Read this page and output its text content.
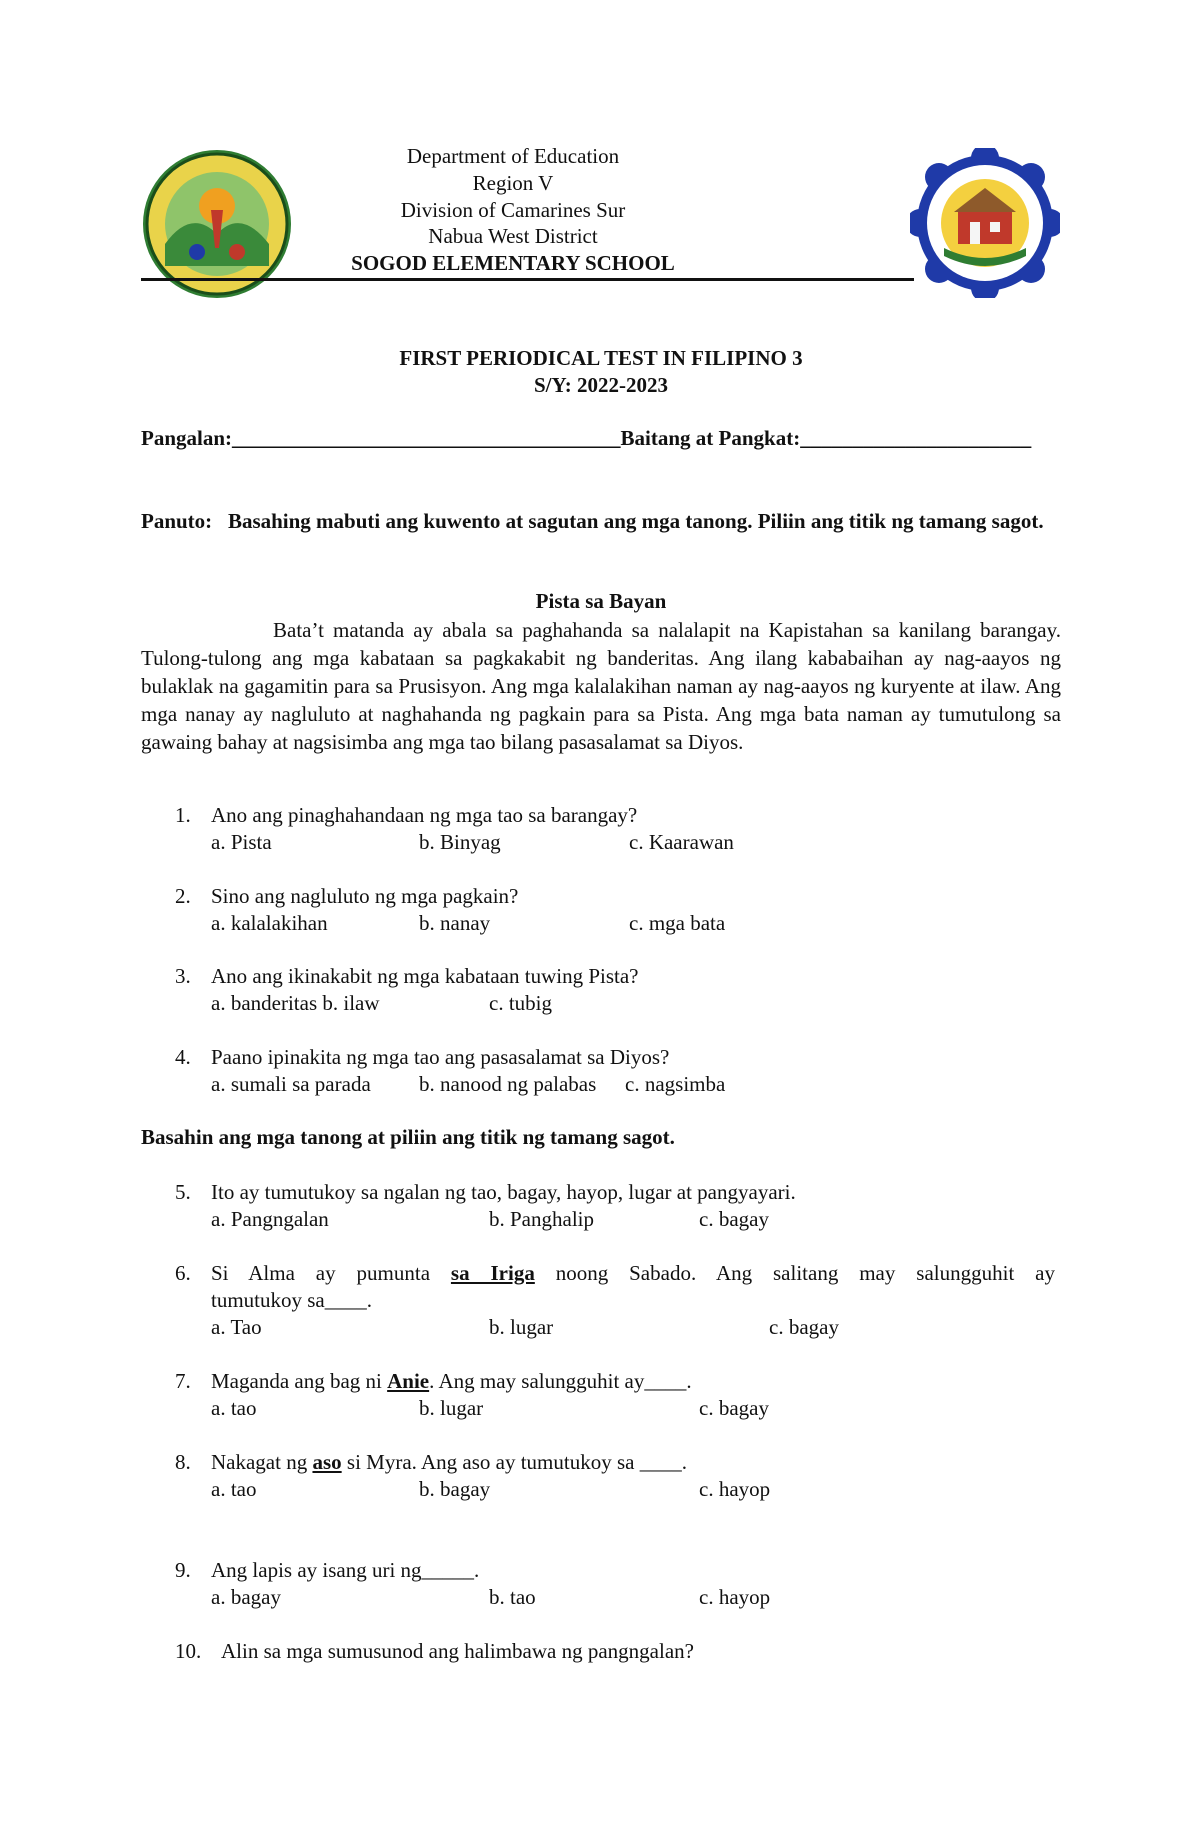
Department of Education
Region V
Division of Camarines Sur
Nabua West District
SOGOD ELEMENTARY SCHOOL
FIRST PERIODICAL TEST IN FILIPINO 3
S/Y: 2022-2023
Pangalan:_____________________________________Baitang at Pangkat:______________________
Panuto: Basahing mabuti ang kuwento at sagutan ang mga tanong. Piliin ang titik ng tamang sagot.
Pista sa Bayan
Bata’t matanda ay abala sa paghahanda sa nalalapit na Kapistahan sa kanilang barangay. Tulong-tulong ang mga kabataan sa pagkakabit ng banderitas. Ang ilang kababaihan ay nag-aayos ng bulaklak na gagamitin para sa Prusisyon. Ang mga kalalakihan naman ay nag-aayos ng kuryente at ilaw. Ang mga nanay ay nagluluto at naghahanda ng pagkain para sa Pista. Ang mga bata naman ay tumutulong sa gawaing bahay at nagsisimba ang mga tao bilang pasasalamat sa Diyos.
1. Ano ang pinaghahandaan ng mga tao sa barangay?
a. Pista	b. Binyag	c. Kaarawan
2. Sino ang nagluluto ng mga pagkain?
a. kalalakihan	b. nanay	c. mga bata
3. Ano ang ikinakabit ng mga kabataan tuwing Pista?
a. banderitas b. ilaw	c. tubig
4. Paano ipinakita ng mga tao ang pasasalamat sa Diyos?
a. sumali sa parada b. nanood ng palabas c. nagsimba
Basahin ang mga tanong at piliin ang titik ng tamang sagot.
5. Ito ay tumutukoy sa ngalan ng tao, bagay, hayop, lugar at pangyayari.
a. Pangngalan	b. Panghalip	c. bagay
6. Si Alma ay pumunta sa Iriga noong Sabado. Ang salitang may salungguhit ay
tumutukoy sa____.
a. Tao	b. lugar	c. bagay
7. Maganda ang bag ni Anie. Ang may salungguhit ay____.
a. tao	b. lugar	c. bagay
8. Nakagat ng aso si Myra. Ang aso ay tumutukoy sa ____.
a. tao	b. bagay	c. hayop
9. Ang lapis ay isang uri ng_____.
a. bagay	b. tao	c. hayop
10. Alin sa mga sumusunod ang halimbawa ng pangngalan?
